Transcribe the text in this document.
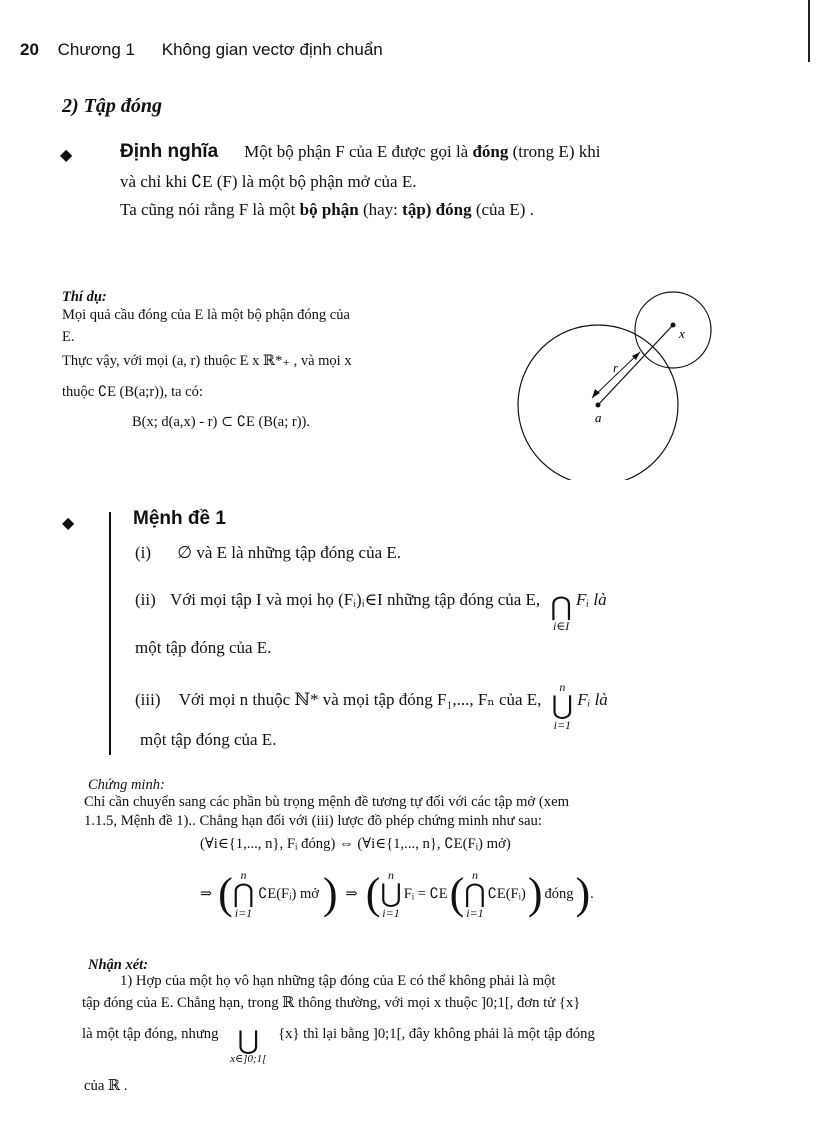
20 Chương 1 Không gian vectơ định chuẩn
2) Tập đóng
◆	Định nghĩa Một bộ phận F của E được gọi là đóng (trong E) khi
và chỉ khi ∁E (F) là một bộ phận mở của E.
Ta cũng nói rằng F là một bộ phận (hay: tập) đóng (của E) .
Thí dụ:
Mọi quả cầu đóng của E là một bộ phận đóng của
E.
Thực vậy, với mọi (a, r) thuộc E x ℝ*₊ , và mọi x
thuộc ∁E (B(a;r)), ta có:
B(x; d(a,x) - r) ⊂ ∁E (B(a; r)).
x
r
a
◆	Mệnh đề 1
(i) ∅ và E là những tập đóng của E.
(ii) Với mọi tập I và mọi họ (Fᵢ)ᵢ∈I những tập đóng của E, ⋂
i∈I
Fᵢ là
một tập đóng của E.
(iii) Với mọi n thuộc ℕ* và mọi tập đóng F₁,..., Fₙ của E,
n
⋃
i=1
Fᵢ là
một tập đóng của E.
Chứng minh:
Chỉ cần chuyển sang các phần bù trọng mệnh đề tương tự đối với các tập mở (xem
1.1.5, Mệnh đề 1).. Chẳng hạn đối với (iii) lược đồ phép chứng minh như sau:
(∀i∈{1,..., n}, Fᵢ đóng) ⇔ (∀i∈{1,..., n}, ∁E(Fᵢ) mở)
⇒ ( n
⋂
i=1
∁E(Fᵢ) mở ) ⇒ ( n
⋃
i=1
Fᵢ = ∁E ( n
⋂
i=1
∁E(Fᵢ) ) đóng ) .
Nhận xét:
1) Hợp của một họ vô hạn những tập đóng của E có thể không phải là một
tập đóng của E. Chẳng hạn, trong ℝ thông thường, với mọi x thuộc ]0;1[, đơn tử {x}
là một tập đóng, nhưng ⋃
x∈]0;1[
{x} thì lại bằng ]0;1[, đây không phải là một tập đóng
của ℝ .
